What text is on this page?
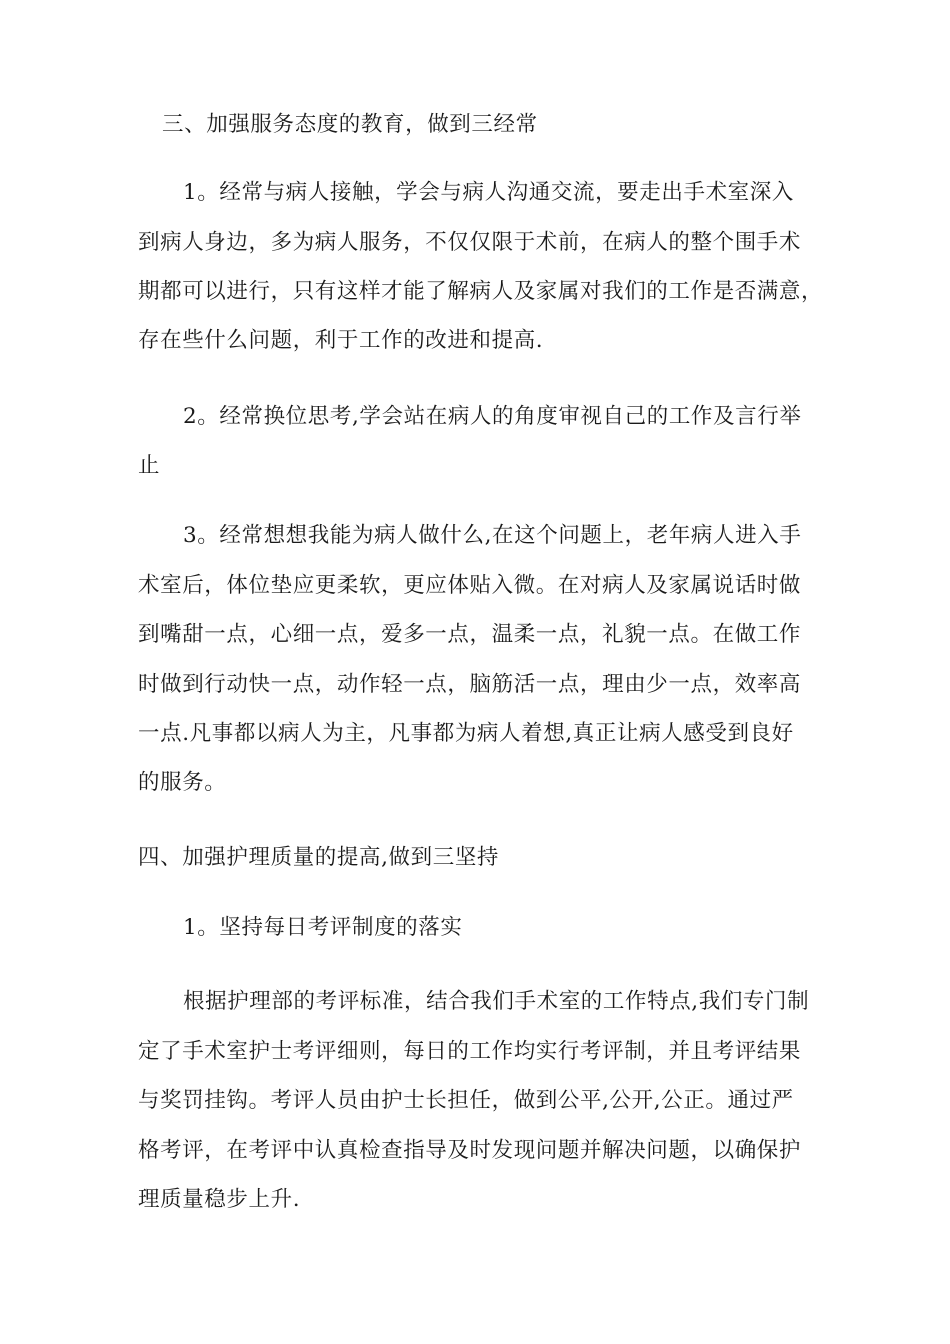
三、加强服务态度的教育，做到三经常
1。经常与病人接触，学会与病人沟通交流，要走出手术室深入
到病人身边，多为病人服务，不仅仅限于术前，在病人的整个围手术
期都可以进行，只有这样才能了解病人及家属对我们的工作是否满意，
存在些什么问题，利于工作的改进和提高.
2。经常换位思考,学会站在病人的角度审视自己的工作及言行举
止
3。经常想想我能为病人做什么,在这个问题上，老年病人进入手
术室后，体位垫应更柔软，更应体贴入微。在对病人及家属说话时做
到嘴甜一点，心细一点，爱多一点，温柔一点，礼貌一点。在做工作
时做到行动快一点，动作轻一点，脑筋活一点，理由少一点，效率高
一点.凡事都以病人为主，凡事都为病人着想,真正让病人感受到良好
的服务。
四、加强护理质量的提高,做到三坚持
1。坚持每日考评制度的落实
根据护理部的考评标准，结合我们手术室的工作特点,我们专门制
定了手术室护士考评细则，每日的工作均实行考评制，并且考评结果
与奖罚挂钩。考评人员由护士长担任，做到公平,公开,公正。通过严
格考评，在考评中认真检查指导及时发现问题并解决问题，以确保护
理质量稳步上升.
